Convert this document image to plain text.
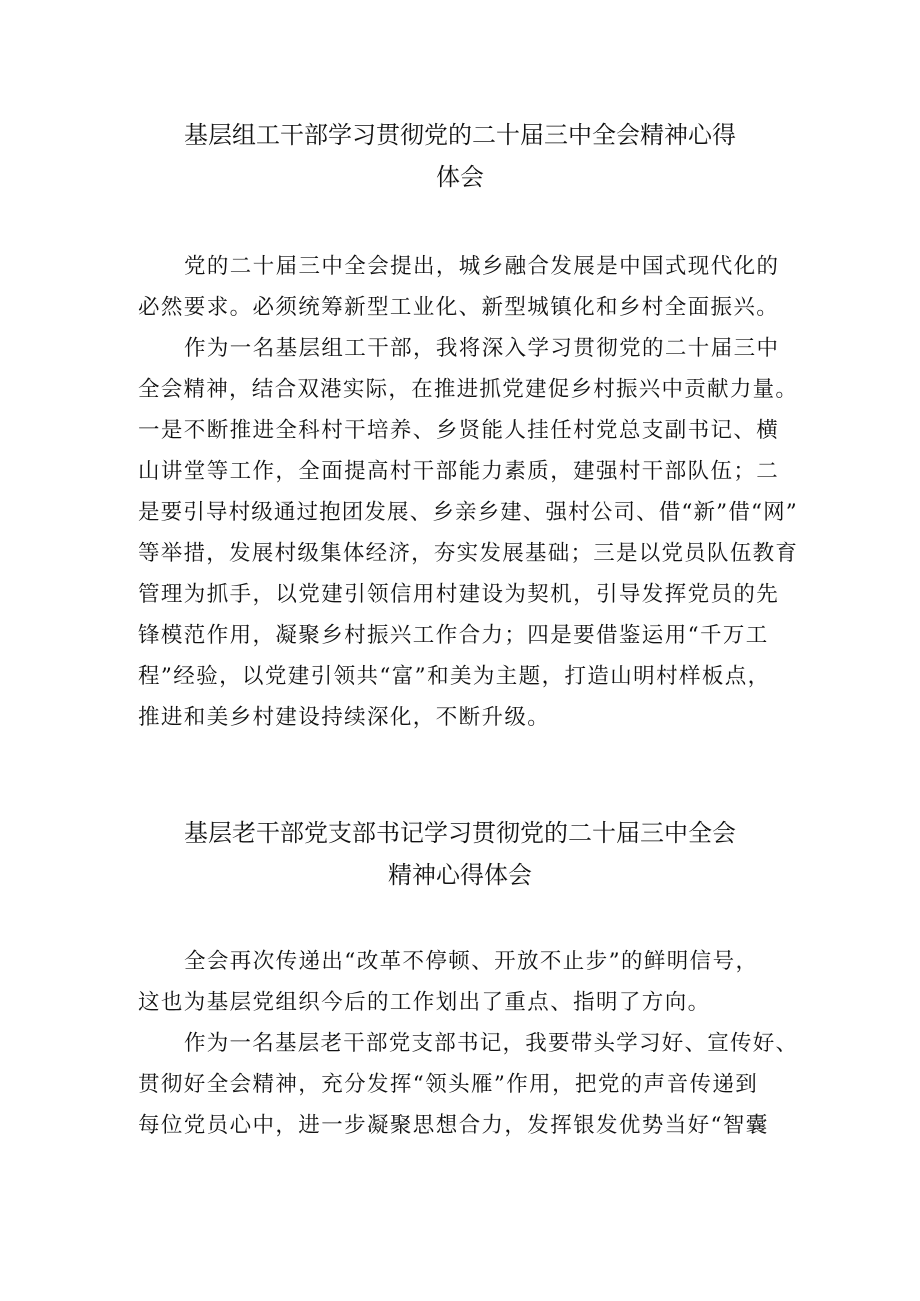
基层组工干部学习贯彻党的二十届三中全会精神心得
体会
党的二十届三中全会提出，城乡融合发展是中国式现代化的
必然要求。必须统筹新型工业化、新型城镇化和乡村全面振兴。
作为一名基层组工干部，我将深入学习贯彻党的二十届三中
全会精神，结合双港实际，在推进抓党建促乡村振兴中贡献力量。
一是不断推进全科村干培养、乡贤能人挂任村党总支副书记、横
山讲堂等工作，全面提高村干部能力素质，建强村干部队伍；二
是要引导村级通过抱团发展、乡亲乡建、强村公司、借“新”借“网”
等举措，发展村级集体经济，夯实发展基础；三是以党员队伍教育
管理为抓手，以党建引领信用村建设为契机，引导发挥党员的先
锋模范作用，凝聚乡村振兴工作合力；四是要借鉴运用“千万工
程”经验，以党建引领共“富”和美为主题，打造山明村样板点，
推进和美乡村建设持续深化，不断升级。
基层老干部党支部书记学习贯彻党的二十届三中全会
精神心得体会
全会再次传递出“改革不停顿、开放不止步”的鲜明信号，
这也为基层党组织今后的工作划出了重点、指明了方向。
作为一名基层老干部党支部书记，我要带头学习好、宣传好、
贯彻好全会精神，充分发挥“领头雁”作用，把党的声音传递到
每位党员心中，进一步凝聚思想合力，发挥银发优势当好“智囊
